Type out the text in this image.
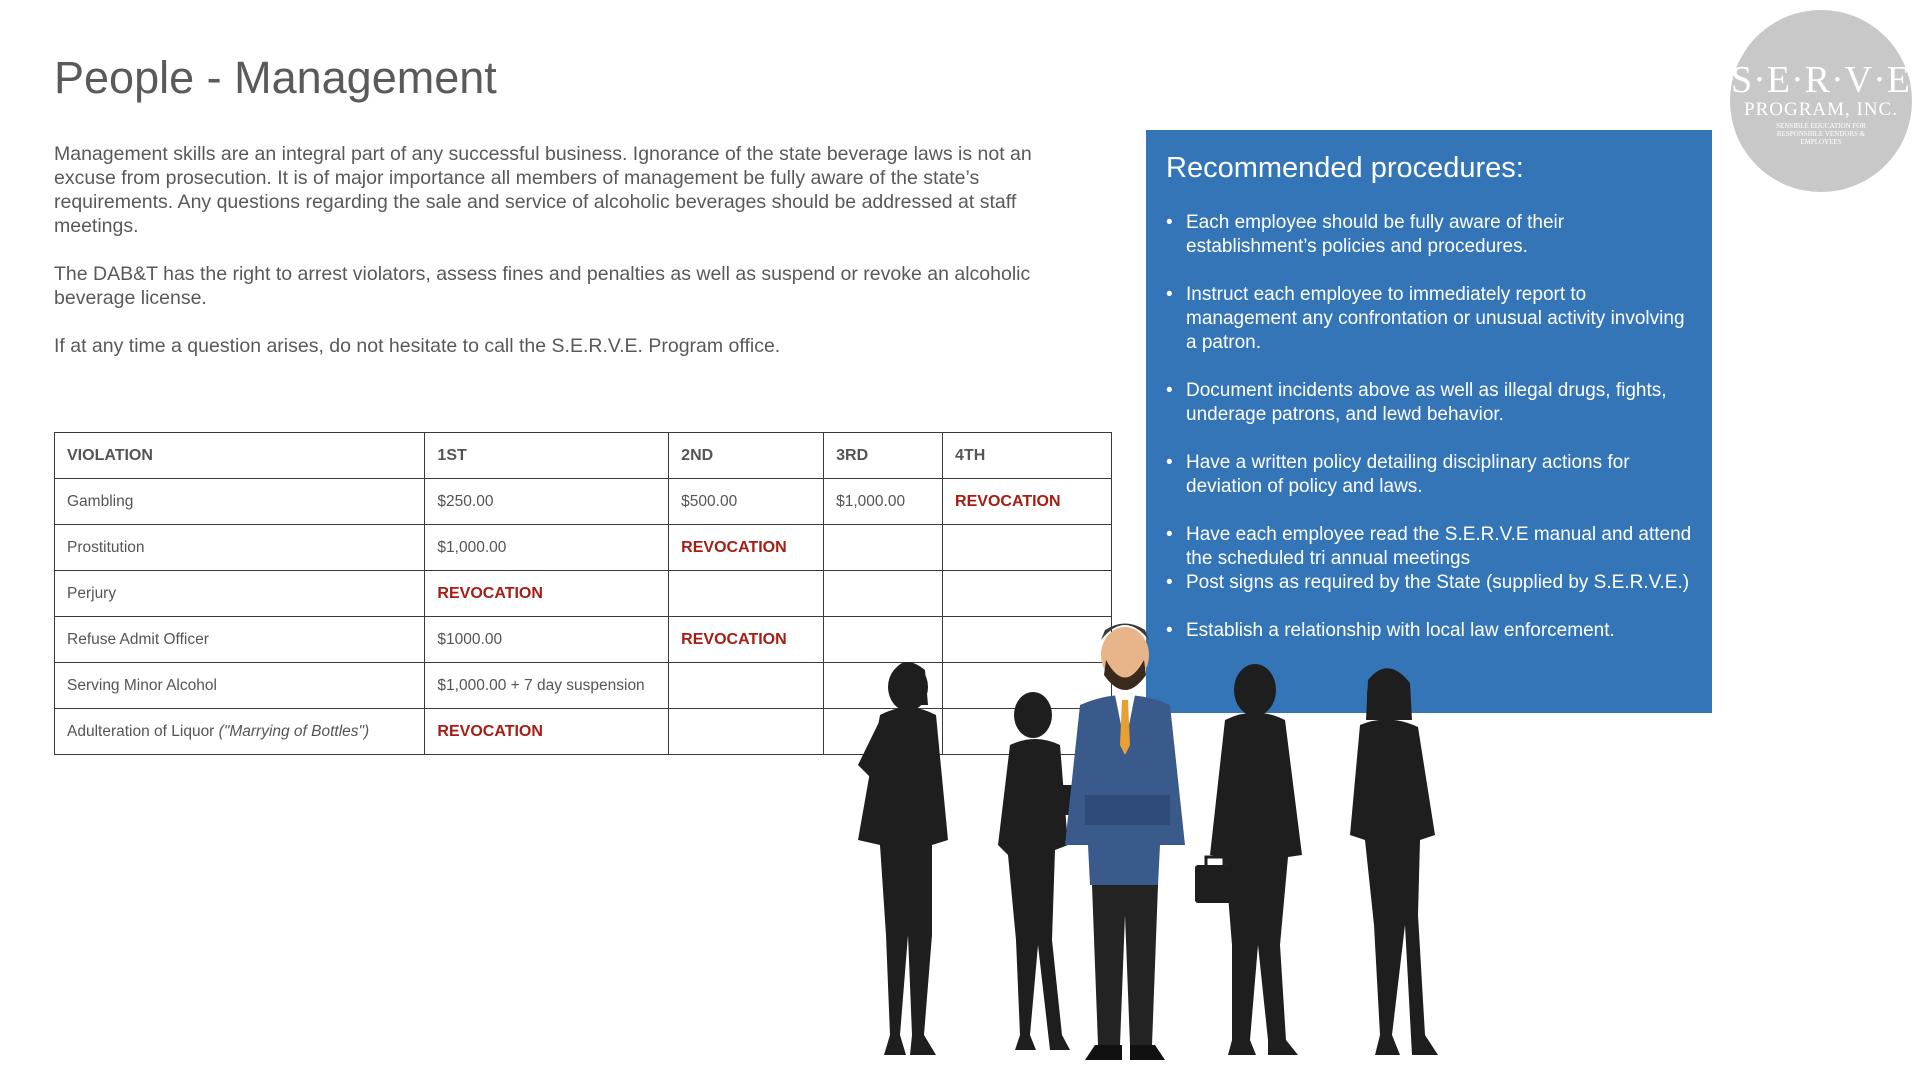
People - Management

Management skills are an integral part of any successful business. Ignorance of the state beverage laws is not an excuse from prosecution. It is of major importance all members of management be fully aware of the state’s requirements. Any questions regarding the sale and service of alcoholic beverages should be addressed at staff meetings.

The DAB&T has the right to arrest violators, assess fines and penalties as well as suspend or revoke an alcoholic beverage license.

If at any time a question arises, do not hesitate to call the S.E.R.V.E. Program office.

VIOLATION	1ST	2ND	3RD	4TH
Gambling	$250.00	$500.00	$1,000.00	REVOCATION
Prostitution	$1,000.00	REVOCATION		
Perjury	REVOCATION			
Refuse Admit Officer	$1000.00	REVOCATION		
Serving Minor Alcohol	$1,000.00 + 7 day suspension			
Adulteration of Liquor ("Marrying of Bottles")	REVOCATION			
Recommended procedures:
• Each employee should be fully aware of their establishment’s policies and procedures.
• Instruct each employee to immediately report to management any confrontation or unusual activity involving a patron.
• Document incidents above as well as illegal drugs, fights, underage patrons, and lewd behavior.
• Have a written policy detailing disciplinary actions for deviation of policy and laws.
• Have each employee read the S.E.R.V.E manual and attend the scheduled tri annual meetings
• Post signs as required by the State (supplied by S.E.R.V.E.)
• Establish a relationship with local law enforcement.
S·E·R·V·E
PROGRAM, INC.
SENSIBLE EDUCATION FOR RESPONSIBLE VENDORS & EMPLOYEES
